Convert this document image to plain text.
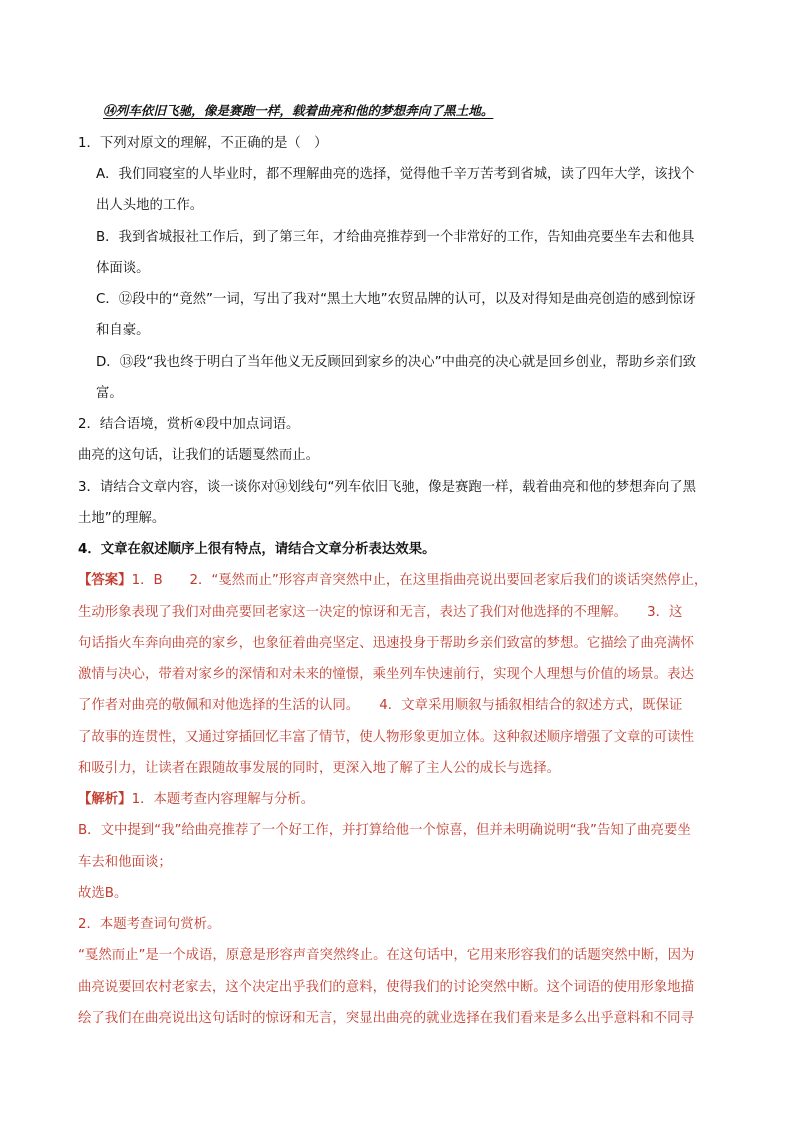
⑭列车依旧飞驰，像是赛跑一样，载着曲亮和他的梦想奔向了黑土地。
1．下列对原文的理解，不正确的是（　）
A．我们同寝室的人毕业时，都不理解曲亮的选择，觉得他千辛万苦考到省城，读了四年大学，该找个
出人头地的工作。
B．我到省城报社工作后，到了第三年，才给曲亮推荐到一个非常好的工作，告知曲亮要坐车去和他具
体面谈。
C．⑫段中的“竟然”一词，写出了我对“黑土大地”农贸品牌的认可，以及对得知是曲亮创造的感到惊讶
和自豪。
D．⑬段“我也终于明白了当年他义无反顾回到家乡的决心”中曲亮的决心就是回乡创业，帮助乡亲们致
富。
2．结合语境，赏析④段中加点词语。
曲亮的这句话，让我们的话题戛然而止。
3．请结合文章内容，谈一谈你对⑭划线句“列车依旧飞驰，像是赛跑一样，载着曲亮和他的梦想奔向了黑
土地”的理解。
4．文章在叙述顺序上很有特点，请结合文章分析表达效果。
【答案】1．B　　2．“戛然而止”形容声音突然中止，在这里指曲亮说出要回老家后我们的谈话突然停止，
生动形象表现了我们对曲亮要回老家这一决定的惊讶和无言，表达了我们对他选择的不理解。　　3．这
句话指火车奔向曲亮的家乡，也象征着曲亮坚定、迅速投身于帮助乡亲们致富的梦想。它描绘了曲亮满怀
激情与决心，带着对家乡的深情和对未来的憧憬，乘坐列车快速前行，实现个人理想与价值的场景。表达
了作者对曲亮的敬佩和对他选择的生活的认同。　　4．文章采用顺叙与插叙相结合的叙述方式，既保证
了故事的连贯性，又通过穿插回忆丰富了情节，使人物形象更加立体。这种叙述顺序增强了文章的可读性
和吸引力，让读者在跟随故事发展的同时，更深入地了解了主人公的成长与选择。
【解析】1．本题考查内容理解与分析。
B．文中提到“我”给曲亮推荐了一个好工作，并打算给他一个惊喜，但并未明确说明“我”告知了曲亮要坐
车去和他面谈；
故选B。
2．本题考查词句赏析。
“戛然而止”是一个成语，原意是形容声音突然终止。在这句话中，它用来形容我们的话题突然中断，因为
曲亮说要回农村老家去，这个决定出乎我们的意料，使得我们的讨论突然中断。这个词语的使用形象地描
绘了我们在曲亮说出这句话时的惊讶和无言，突显出曲亮的就业选择在我们看来是多么出乎意料和不同寻
